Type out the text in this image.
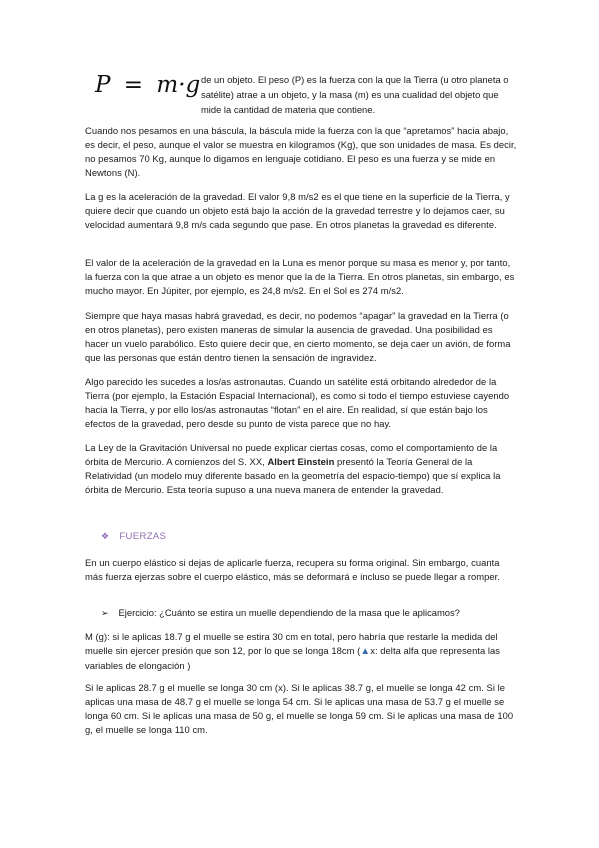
P = m·g de un objeto. El peso (P) es la fuerza con la que la Tierra (u otro planeta o satélite) atrae a un objeto, y la masa (m) es una cualidad del objeto que mide la cantidad de materia que contiene.

Cuando nos pesamos en una báscula, la báscula mide la fuerza con la que “apretamos” hacia abajo, es decir, el peso, aunque el valor se muestra en kilogramos (Kg), que son unidades de masa. Es decir, no pesamos 70 Kg, aunque lo digamos en lenguaje cotidiano. El peso es una fuerza y se mide en Newtons (N).

La g es la aceleración de la gravedad. El valor 9,8 m/s2 es el que tiene en la superficie de la Tierra, y quiere decir que cuando un objeto está bajo la acción de la gravedad terrestre y lo dejamos caer, su velocidad aumentará 9,8 m/s cada segundo que pase. En otros planetas la gravedad es diferente.

El valor de la aceleración de la gravedad en la Luna es menor porque su masa es menor y, por tanto, la fuerza con la que atrae a un objeto es menor que la de la Tierra. En otros planetas, sin embargo, es mucho mayor. En Júpiter, por ejemplo, es 24,8 m/s2. En el Sol es 274 m/s2.

Siempre que haya masas habrá gravedad, es decir, no podemos “apagar” la gravedad en la Tierra (o en otros planetas), pero existen maneras de simular la ausencia de gravedad. Una posibilidad es hacer un vuelo parabólico. Esto quiere decir que, en cierto momento, se deja caer un avión, de forma que las personas que están dentro tienen la sensación de ingravidez.

Algo parecido les sucedes a los/as astronautas. Cuando un satélite está orbitando alrededor de la Tierra (por ejemplo, la Estación Espacial Internacional), es como si todo el tiempo estuviese cayendo hacia la Tierra, y por ello los/as astronautas “flotan” en el aire. En realidad, sí que están bajo los efectos de la gravedad, pero desde su punto de vista parece que no hay.

La Ley de la Gravitación Universal no puede explicar ciertas cosas, como el comportamiento de la órbita de Mercurio. A comienzos del S. XX, Albert Einstein presentó la Teoría General de la Relatividad (un modelo muy diferente basado en la geometría del espacio-tiempo) que sí explica la órbita de Mercurio. Esta teoría supuso a una nueva manera de entender la gravedad.

❖ FUERZAS

En un cuerpo elástico si dejas de aplicarle fuerza, recupera su forma original. Sin embargo, cuanta más fuerza ejerzas sobre el cuerpo elástico, más se deformará e incluso se puede llegar a romper.

➢ Ejercicio: ¿Cuánto se estira un muelle dependiendo de la masa que le aplicamos?

M (g): si le aplicas 18.7 g el muelle se estira 30 cm en total, pero habría que restarle la medida del muelle sin ejercer presión que son 12, por lo que se longa 18cm (▲x: delta alfa que representa las variables de elongación )

Si le aplicas 28.7 g el muelle se longa 30 cm (x). Si le aplicas 38.7 g, el muelle se longa 42 cm. Si le aplicas una masa de 48.7 g el muelle se longa 54 cm. Si le aplicas una masa de 53.7 g el muelle se longa 60 cm. Si le aplicas una masa de 50 g, el muelle se longa 59 cm. Si le aplicas una masa de 100 g, el muelle se longa 110 cm.
